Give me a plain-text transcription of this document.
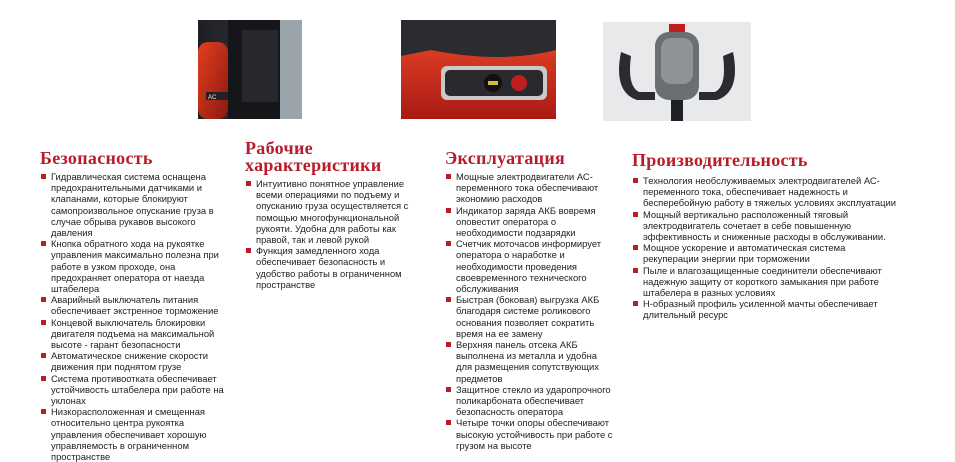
AC
Безопасность
Гидравлическая система оснащена предохранительными датчиками и клапанами, которые блокируют самопроизвольное опускание груза в случае обрыва рукавов высокого давления
Кнопка обратного хода на рукоятке управления максимально полезна при работе в узком проходе, она предохраняет оператора от наезда штабелера
Аварийный выключатель питания обеспечивает экстренное торможение
Концевой выключатель блокировки двигателя подъема на максимальной высоте - гарант безопасности
Автоматическое снижение скорости движения при поднятом грузе
Система противоотката обеспечивает устойчивость штабелера при работе на уклонах
Низкорасположенная и смещенная относительно центра рукоятка управления обеспечивает хорошую управляемость в ограниченном пространстве
Рабочие характеристики
Интуитивно понятное управление всеми операциями по подъему и опусканию груза осуществляется с помощью многофункциональной рукояти. Удобна для работы как правой, так и левой рукой
Функция замедленного хода обеспечивает безопасность и удобство работы в ограниченном пространстве
Эксплуатация
Мощные электродвигатели АС-переменного тока обеспечивают экономию расходов
Индикатор заряда АКБ вовремя оповестит оператора о необходимости подзарядки
Счетчик моточасов информирует оператора о наработке и необходимости проведения своевременного технического обслуживания
Быстрая (боковая) выгрузка АКБ благодаря системе роликового основания позволяет сократить время на ее замену
Верхняя панель отсека АКБ выполнена из металла и удобна для размещения сопутствующих предметов
Защитное стекло из ударопрочного поликарбоната обеспечивает безопасность оператора
Четыре точки опоры обеспечивают высокую устойчивость при работе с грузом на высоте
Производительность
Технология необслуживаемых электродвигателей АС-переменного тока, обеспечивает надежность и бесперебойную работу в тяжелых условиях эксплуатации
Мощный вертикально расположенный тяговый электродвигатель сочетает в себе повышенную эффективность и сниженные расходы в обслуживании.
Мощное ускорение и автоматическая система рекуперации энергии при торможении
Пыле и влагозащищенные соединители обеспечивают надежную защиту от короткого замыкания при работе штабелера в разных условиях
Н-образный профиль усиленной мачты обеспечивает длительный ресурс
